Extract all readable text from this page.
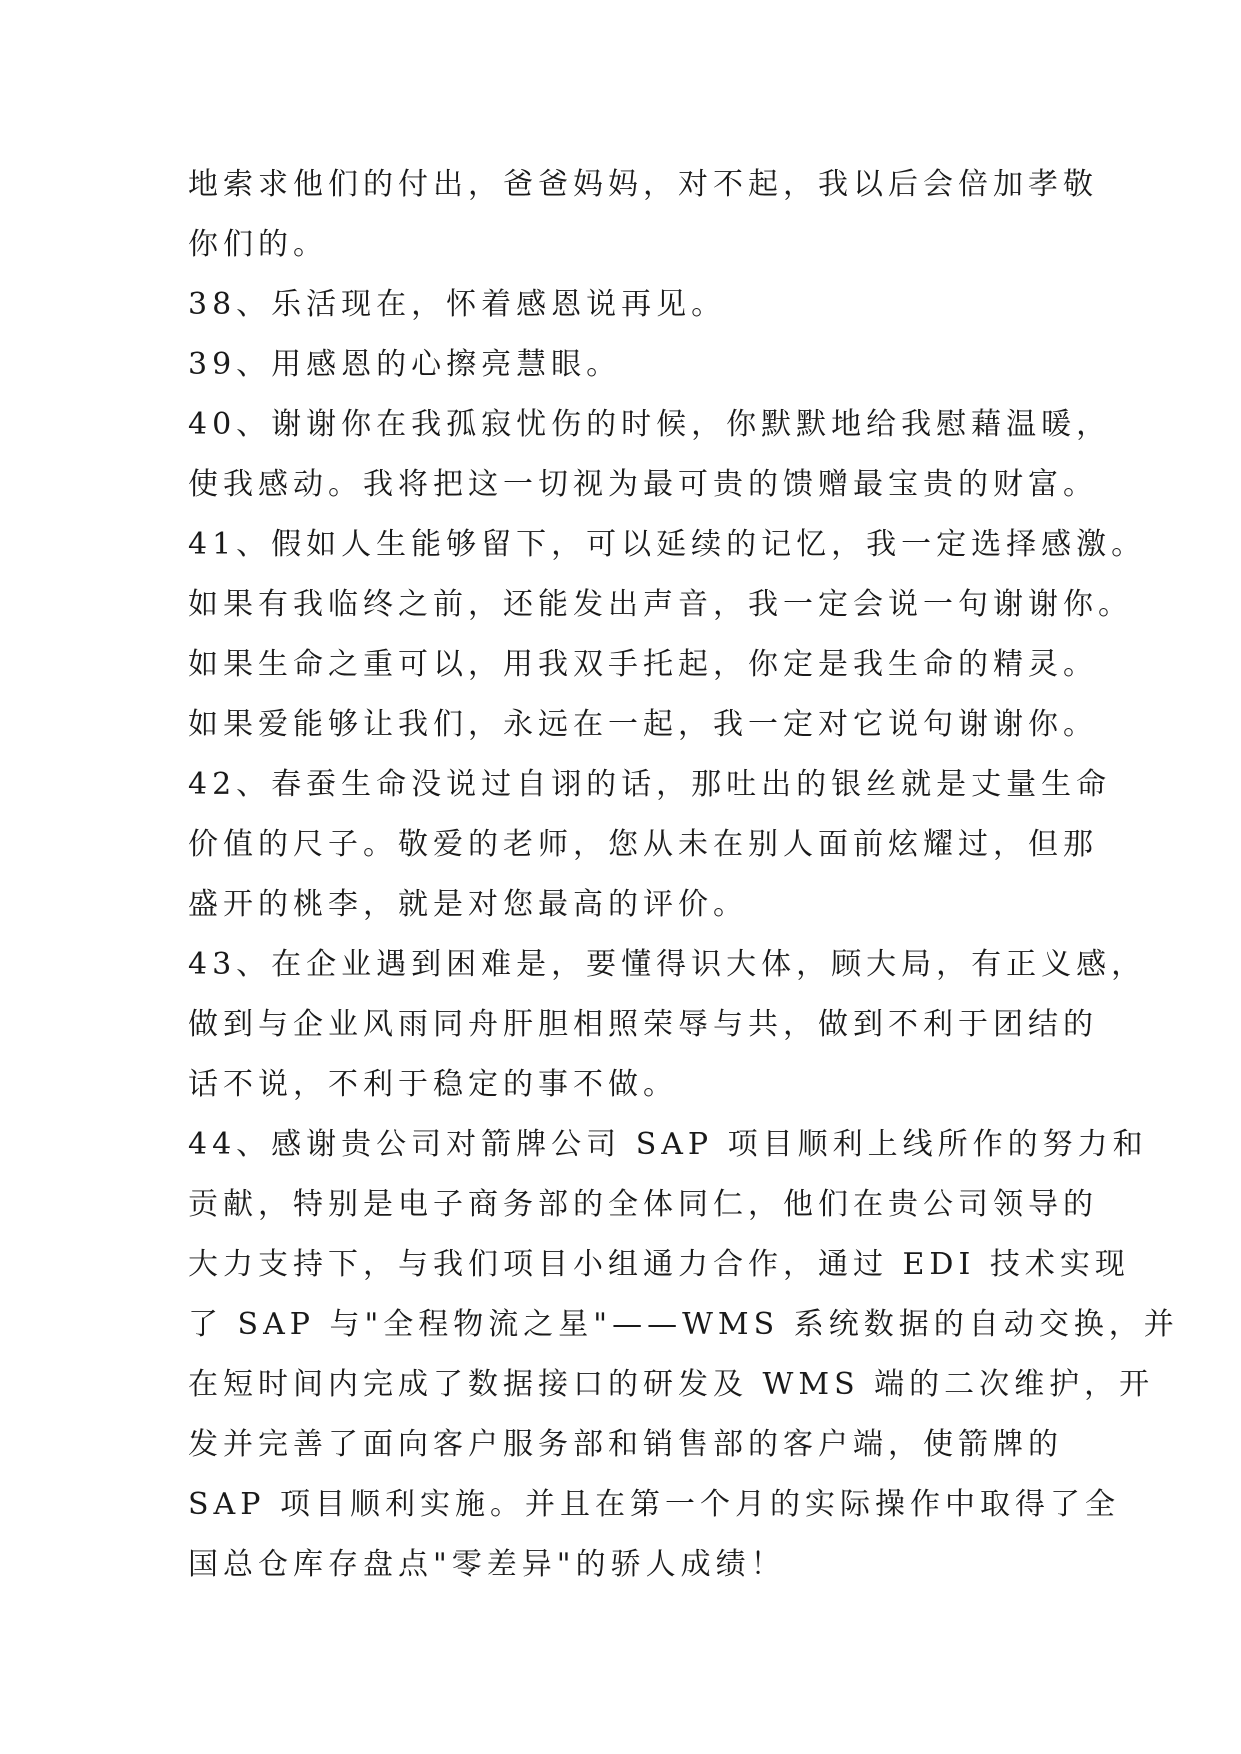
地索求他们的付出，爸爸妈妈，对不起，我以后会倍加孝敬
你们的。
38、乐活现在，怀着感恩说再见。
39、用感恩的心擦亮慧眼。
40、谢谢你在我孤寂忧伤的时候，你默默地给我慰藉温暖，
使我感动。我将把这一切视为最可贵的馈赠最宝贵的财富。
41、假如人生能够留下，可以延续的记忆，我一定选择感激。
如果有我临终之前，还能发出声音，我一定会说一句谢谢你。
如果生命之重可以，用我双手托起，你定是我生命的精灵。
如果爱能够让我们，永远在一起，我一定对它说句谢谢你。
42、春蚕生命没说过自诩的话，那吐出的银丝就是丈量生命
价值的尺子。敬爱的老师，您从未在别人面前炫耀过，但那
盛开的桃李，就是对您最高的评价。
43、在企业遇到困难是，要懂得识大体，顾大局，有正义感，
做到与企业风雨同舟肝胆相照荣辱与共，做到不利于团结的
话不说，不利于稳定的事不做。
44、感谢贵公司对箭牌公司 SAP 项目顺利上线所作的努力和
贡献，特别是电子商务部的全体同仁，他们在贵公司领导的
大力支持下，与我们项目小组通力合作，通过 EDI 技术实现
了 SAP 与"全程物流之星"——WMS 系统数据的自动交换，并
在短时间内完成了数据接口的研发及 WMS 端的二次维护，开
发并完善了面向客户服务部和销售部的客户端，使箭牌的
SAP 项目顺利实施。并且在第一个月的实际操作中取得了全
国总仓库存盘点"零差异"的骄人成绩！
